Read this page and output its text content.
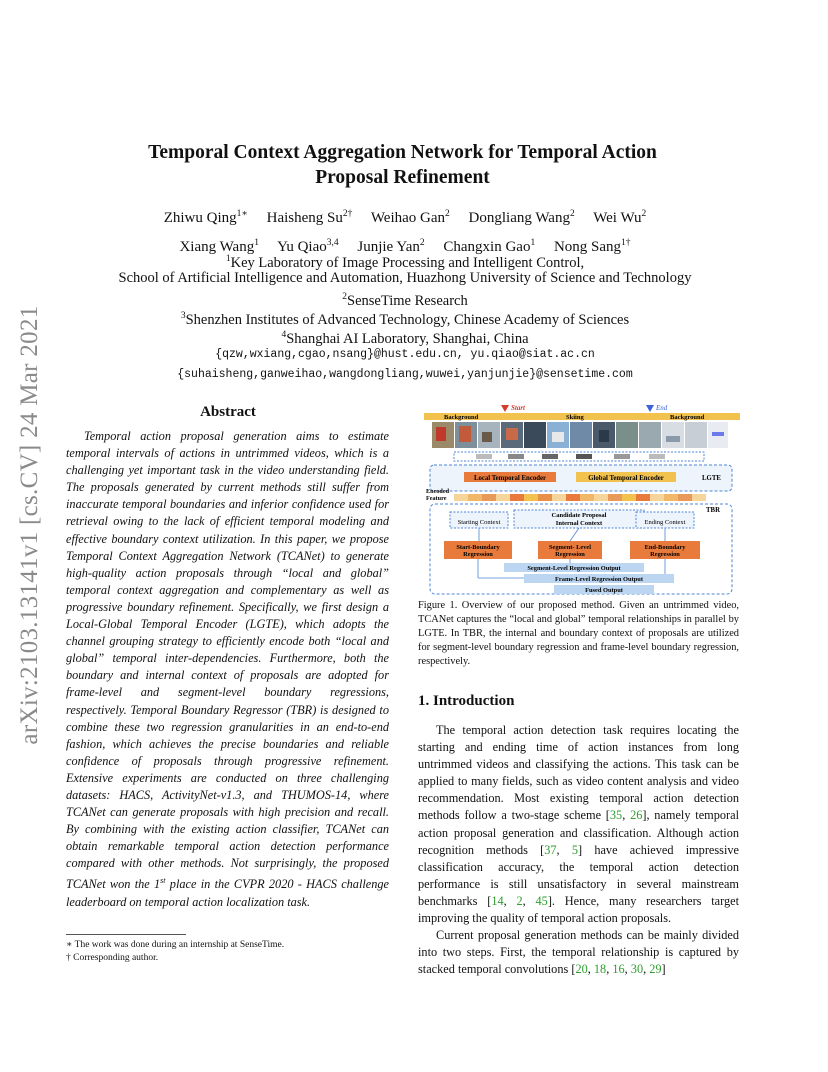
arXiv:2103.13141v1 [cs.CV] 24 Mar 2021
Temporal Context Aggregation Network for Temporal Action
Proposal Refinement
Zhiwu Qing$^{1∗}$ Haisheng $Su^{2\dagger}$ Weihao Gan$^2$ Dongliang Wang$^2$ Wei Wu$^2$
Xiang Wang$^1$ Yu Qiao$^{3,4}$ Junjie Yan$^2$ Changxin Gao$^1$ Nong Sang$^{1\dagger}$
$^1$Key Laboratory of Image Processing and Intelligent Control,
School of Artificial Intelligence and Automation, Huazhong University of Science and Technology
$^2$SenseTime Research
$^3$Shenzhen Institutes of Advanced Technology, Chinese Academy of Sciences
$^4$Shanghai AI Laboratory, Shanghai, China
{qzw,wxiang,cgao,nsang}@hust.edu.cn, yu.qiao@siat.ac.cn
{suhaisheng,ganweihao,wangdongliang,wuwei,yanjunjie}@sensetime.com
Abstract

Temporal action proposal generation aims to estimate temporal intervals of actions in untrimmed videos, which is a challenging yet important task in the video understanding field. The proposals generated by current methods still suffer from inaccurate temporal boundaries and inferior confidence used for retrieval owing to the lack of efficient temporal modeling and effective boundary context utilization. In this paper, we propose Temporal Context Aggregation Network (TCANet) to generate high-quality action proposals through “local and global” temporal context aggregation and complementary as well as progressive boundary refinement. Specifically, we first design a Local-Global Temporal Encoder (LGTE), which adopts the channel grouping strategy to efficiently encode both “local and global” temporal inter-dependencies. Furthermore, both the boundary and internal context of proposals are adopted for frame-level and segment-level boundary regressions, respectively. Temporal Boundary Regressor (TBR) is designed to combine these two regression granularities in an end-to-end fashion, which achieves the precise boundaries and reliable confidence of proposals through progressive refinement. Extensive experiments are conducted on three challenging datasets: HACS, ActivityNet-v1.3, and THUMOS-14, where TCANet can generate proposals with high precision and recall. By combining with the existing action classifier, TCANet can obtain remarkable temporal action detection performance compared with other methods. Not surprisingly, the proposed TCANet won the 1st place in the CVPR 2020 - HACS challenge leaderboard on temporal action localization task.

∗ The work was done during an internship at SenseTime.
† Corresponding author.
Background	Skiing	Background
Start	End
Local Temporal Encoder	Global Temporal Encoder	LGTE
Encoded
Feature
TBR
Starting Context
Candidate Proposal
Internal Context	Ending Context
Start-Boundary
Regression
Segment- Level
Regression
End-Boundary
Regression
Segment-Level Regression Output
Frame-Level Regression Output
Fused Output
Figure 1. Overview of our proposed method. Given an untrimmed video, TCANet captures the “local and global” temporal relationships in parallel by LGTE. In TBR, the internal and boundary context of proposals are utilized for segment-level boundary regression and frame-level boundary regression, respectively.
1. Introduction

The temporal action detection task requires locating the starting and ending time of action instances from long untrimmed videos and classifying the actions. This task can be applied to many fields, such as video content analysis and video recommendation. Most existing temporal action detection methods follow a two-stage scheme [35, 26], namely temporal action proposal generation and classification. Although action recognition methods [37, 5] have achieved impressive classification accuracy, the temporal action detection performance is still unsatisfactory in several mainstream benchmarks [14, 2, 45]. Hence, many researchers target improving the quality of temporal action proposals.

Current proposal generation methods can be mainly divided into two steps. First, the temporal relationship is captured by stacked temporal convolutions [20, 18, 16, 30, 29]
